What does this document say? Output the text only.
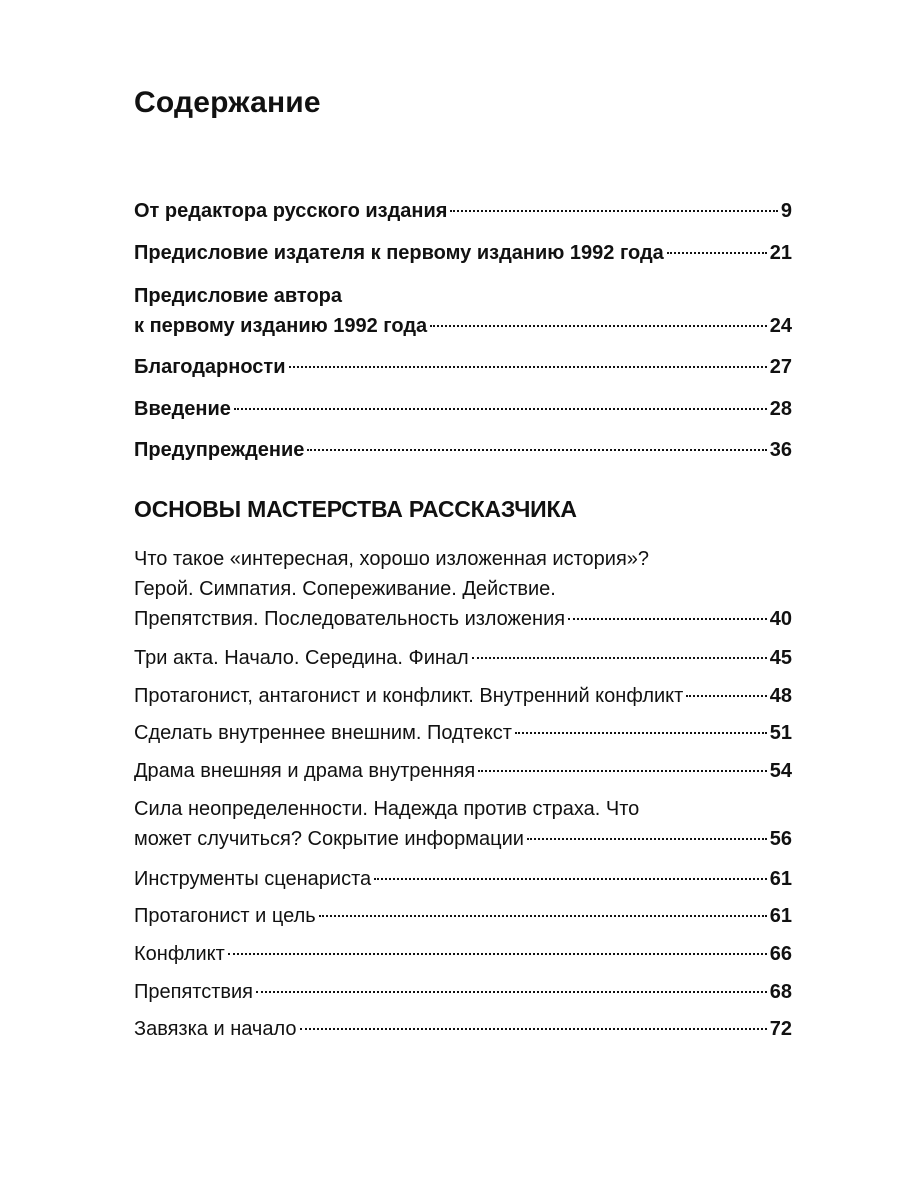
Содержание
От редактора русского издания	9
Предисловие издателя к первому изданию 1992 года	21
Предисловие автора
к первому изданию 1992 года	24
Благодарности	27
Введение	28
Предупреждение	36
ОСНОВЫ МАСТЕРСТВА РАССКАЗЧИКА
Что такое «интересная, хорошо изложенная история»?
Герой. Симпатия. Сопереживание. Действие.
Препятствия. Последовательность изложения	40
Три акта. Начало. Середина. Финал	45
Протагонист, антагонист и конфликт. Внутренний конфликт	48
Сделать внутреннее внешним. Подтекст	51
Драма внешняя и драма внутренняя	54
Сила неопределенности. Надежда против страха. Что
может случиться? Сокрытие информации	56
Инструменты сценариста	61
Протагонист и цель	61
Конфликт	66
Препятствия	68
Завязка и начало	72
